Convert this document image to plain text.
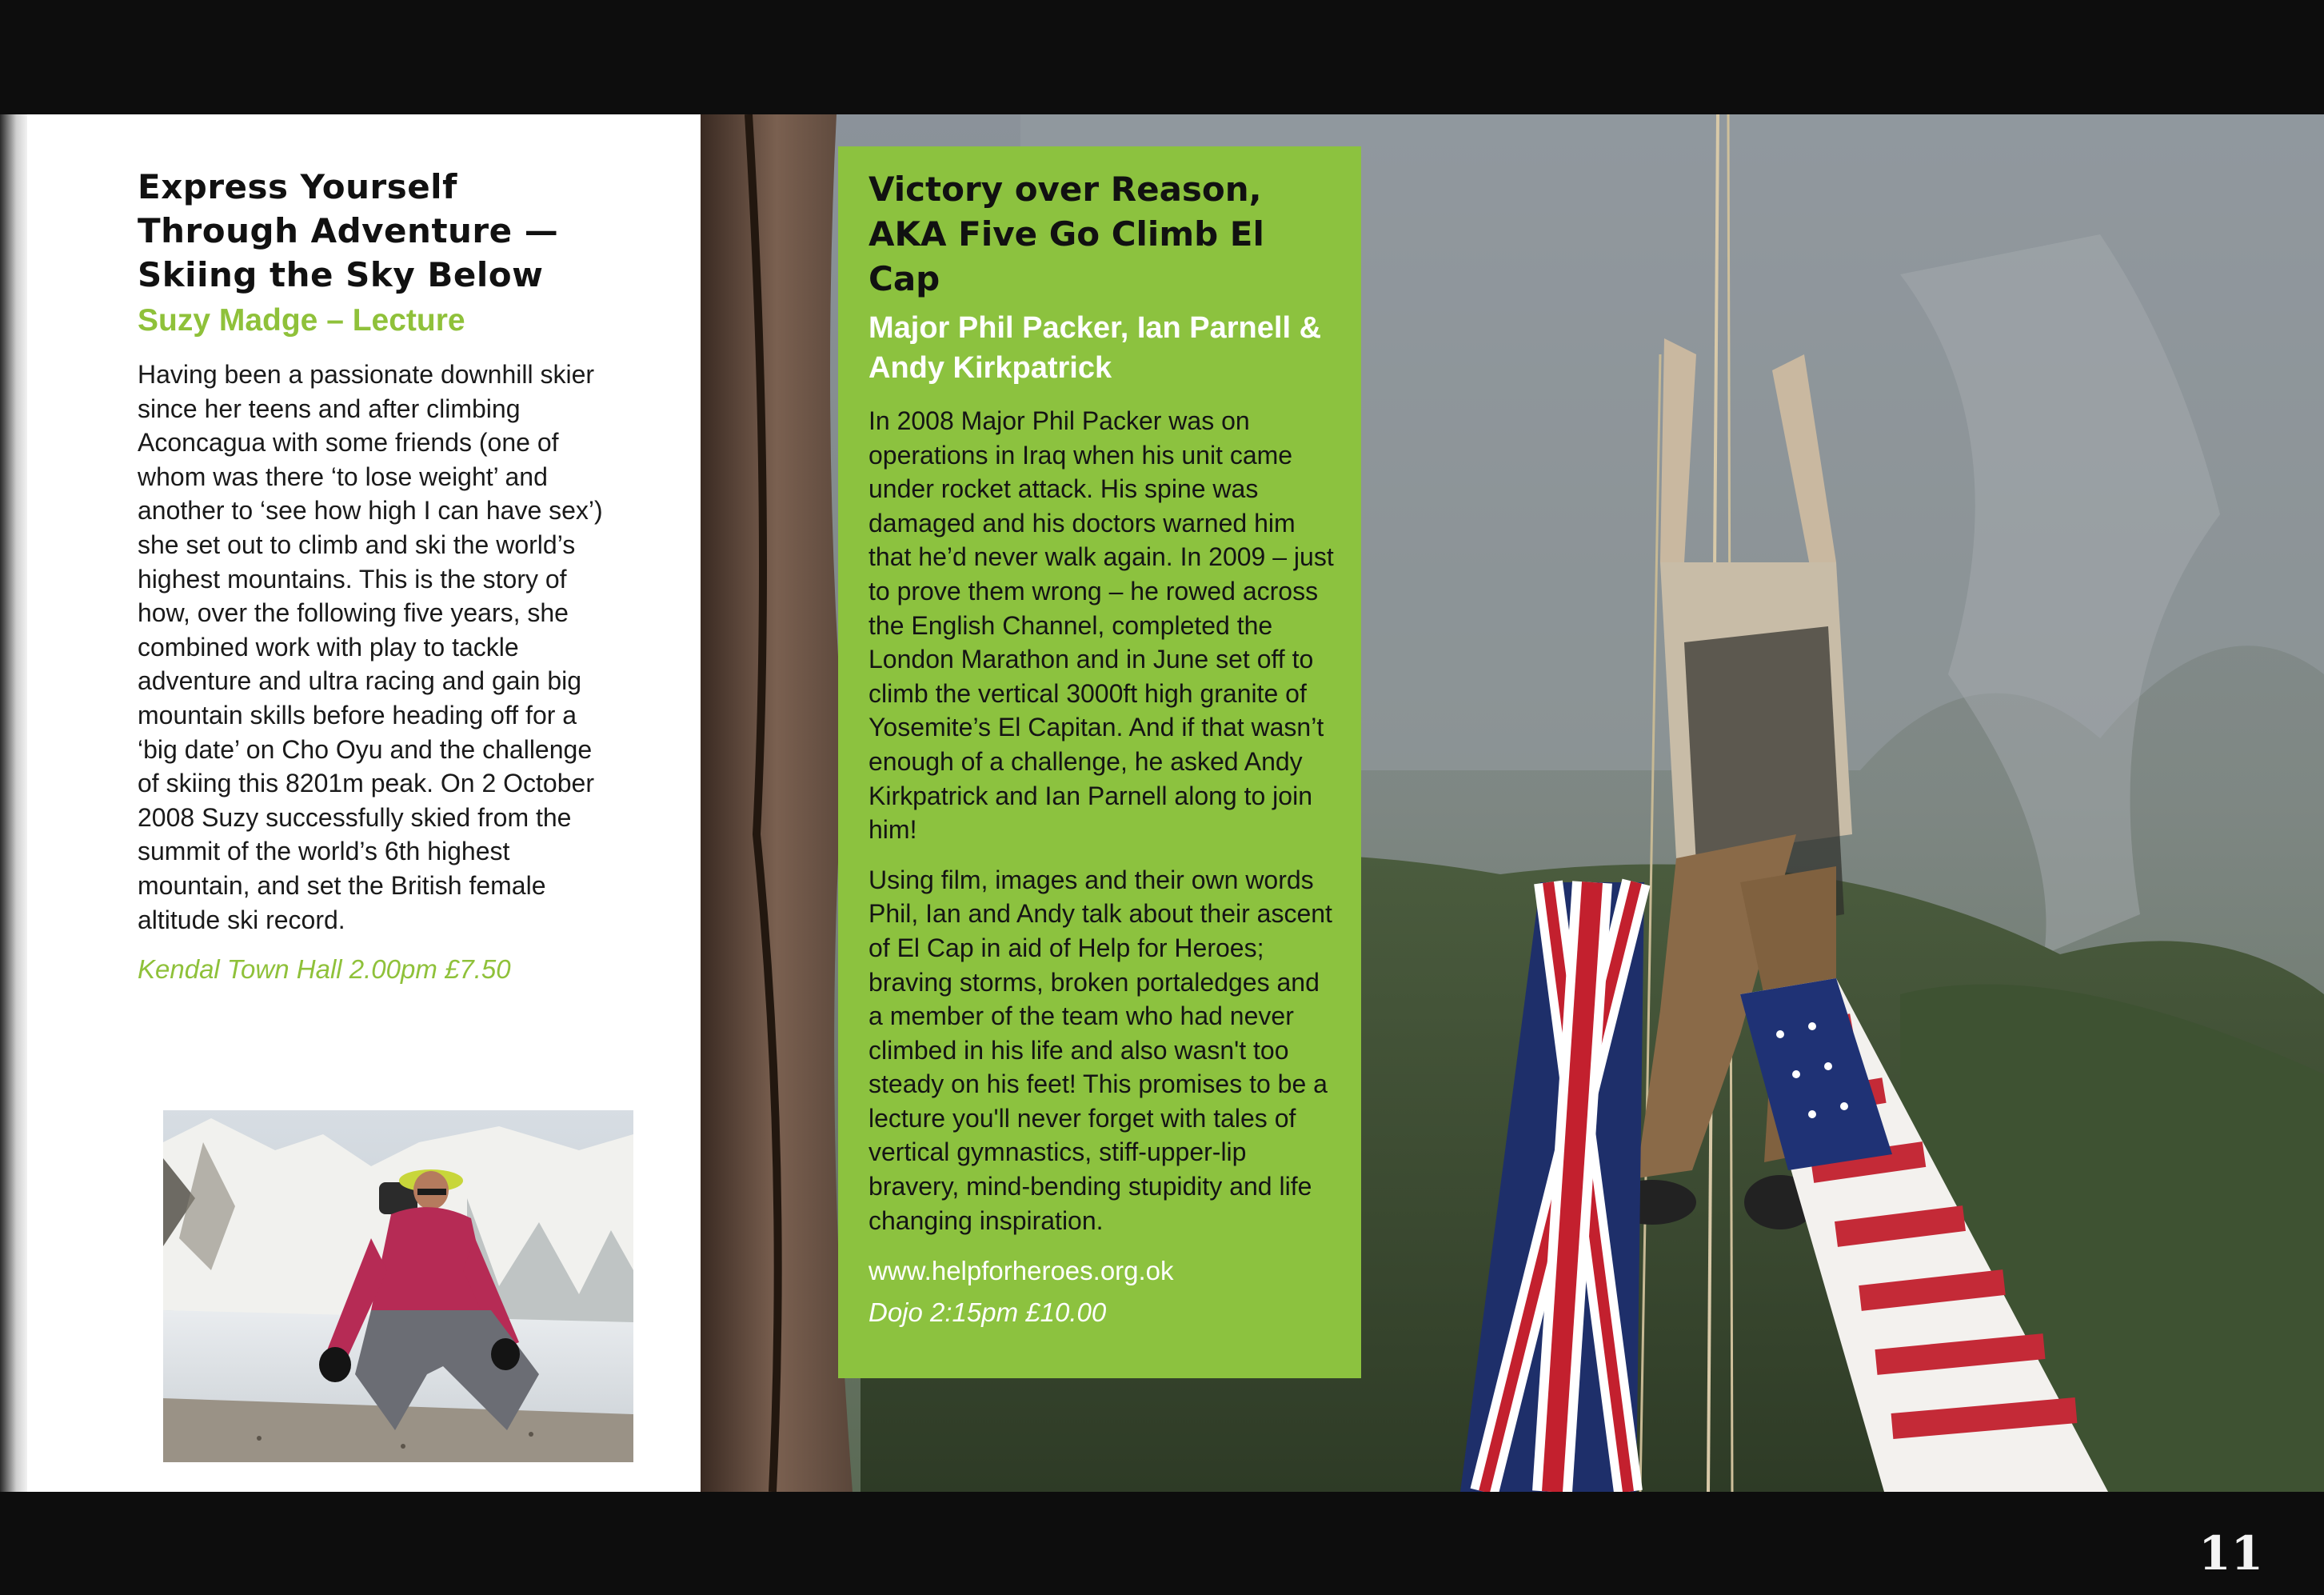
Express Yourself Through Adventure — Skiing the Sky Below
Suzy Madge – Lecture

Having been a passionate downhill skier since her teens and after climbing Aconcagua with some friends (one of whom was there ‘to lose weight’ and another to ‘see how high I can have sex’) she set out to climb and ski the world’s highest mountains. This is the story of how, over the following five years, she combined work with play to tackle adventure and ultra racing and gain big mountain skills before heading off for a ‘big date’ on Cho Oyu and the challenge of skiing this 8201m peak. On 2 October 2008 Suzy successfully skied from the summit of the world’s 6th highest mountain, and set the British female altitude ski record.

Kendal Town Hall 2.00pm £7.50
Victory over Reason,
AKA Five Go Climb El Cap
Major Phil Packer, Ian Parnell & Andy Kirkpatrick

In 2008 Major Phil Packer was on operations in Iraq when his unit came under rocket attack. His spine was damaged and his doctors warned him that he’d never walk again. In 2009 – just to prove them wrong – he rowed across the English Channel, completed the London Marathon and in June set off to climb the vertical 3000ft high granite of Yosemite’s El Capitan. And if that wasn’t enough of a challenge, he asked Andy Kirkpatrick and Ian Parnell along to join him!

Using film, images and their own words Phil, Ian and Andy talk about their ascent of El Cap in aid of Help for Heroes; braving storms, broken portaledges and a member of the team who had never climbed in his life and also wasn't too steady on his feet! This promises to be a lecture you'll never forget with tales of vertical gymnastics, stiff-upper-lip bravery, mind-bending stupidity and life changing inspiration.

www.helpforheroes.org.ok
Dojo 2:15pm £10.00
11
